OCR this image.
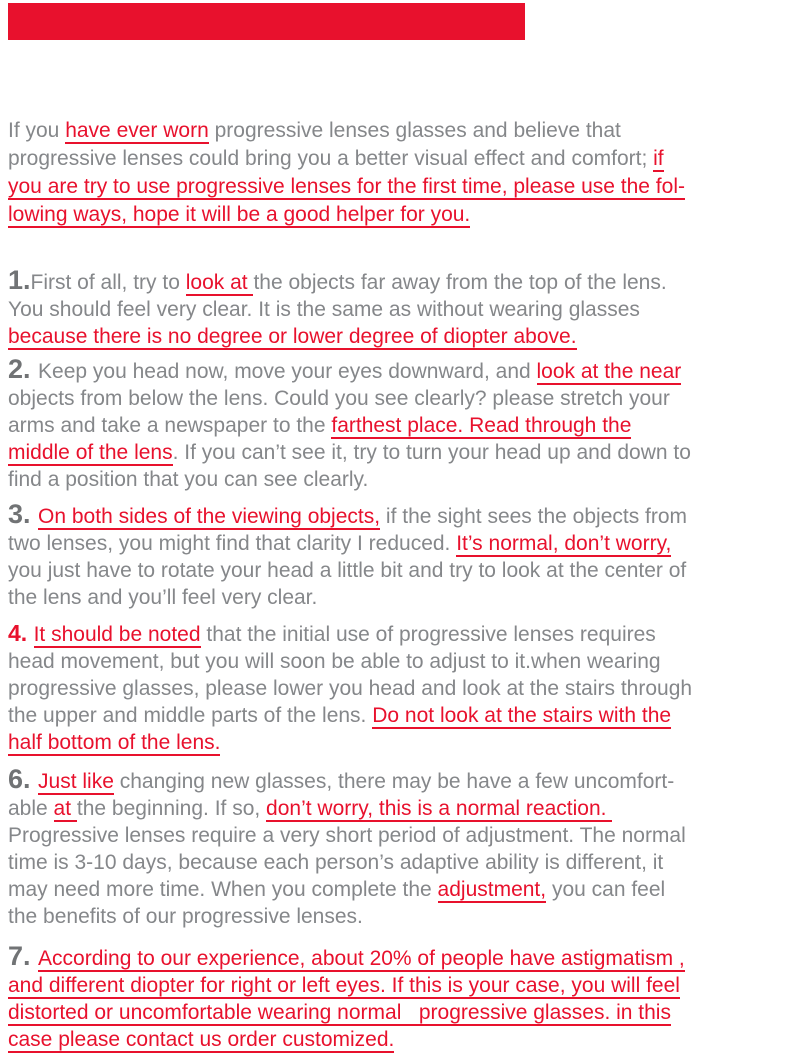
Note:  Please read the following carefully

If you have ever worn progressive lenses glasses and believe that
progressive lenses could bring you a better visual effect and comfort; if
you are try to use progressive lenses for the first time, please use the fol-
lowing ways, hope it will be a good helper for you.
1.First of all, try to look at the objects far away from the top of the lens.
You should feel very clear. It is the same as without wearing glasses
because there is no degree or lower degree of diopter above.
2. Keep you head now, move your eyes downward, and look at the near
objects from below the lens. Could you see clearly? please stretch your
arms and take a newspaper to the farthest place. Read through the
middle of the lens. If you can’t see it, try to turn your head up and down to
find a position that you can see clearly.
3. On both sides of the viewing objects, if the sight sees the objects from
two lenses, you might find that clarity I reduced. It’s normal, don’t worry,
you just have to rotate your head a little bit and try to look at the center of
the lens and you’ll feel very clear.
4. It should be noted that the initial use of progressive lenses requires
head movement, but you will soon be able to adjust to it.when wearing
progressive glasses, please lower you head and look at the stairs through
the upper and middle parts of the lens. Do not look at the stairs with the
half bottom of the lens.
6. Just like changing new glasses, there may be have a few uncomfort-
able at the beginning. If so, don’t worry, this is a normal reaction.
Progressive lenses require a very short period of adjustment. The normal
time is 3-10 days, because each person’s adaptive ability is different, it
may need more time. When you complete the adjustment, you can feel
the benefits of our progressive lenses.
7. According to our experience, about 20% of people have astigmatism ,
and different diopter for right or left eyes. If this is your case, you will feel
distorted or uncomfortable wearing normal   progressive glasses. in this
case please contact us order customized.
